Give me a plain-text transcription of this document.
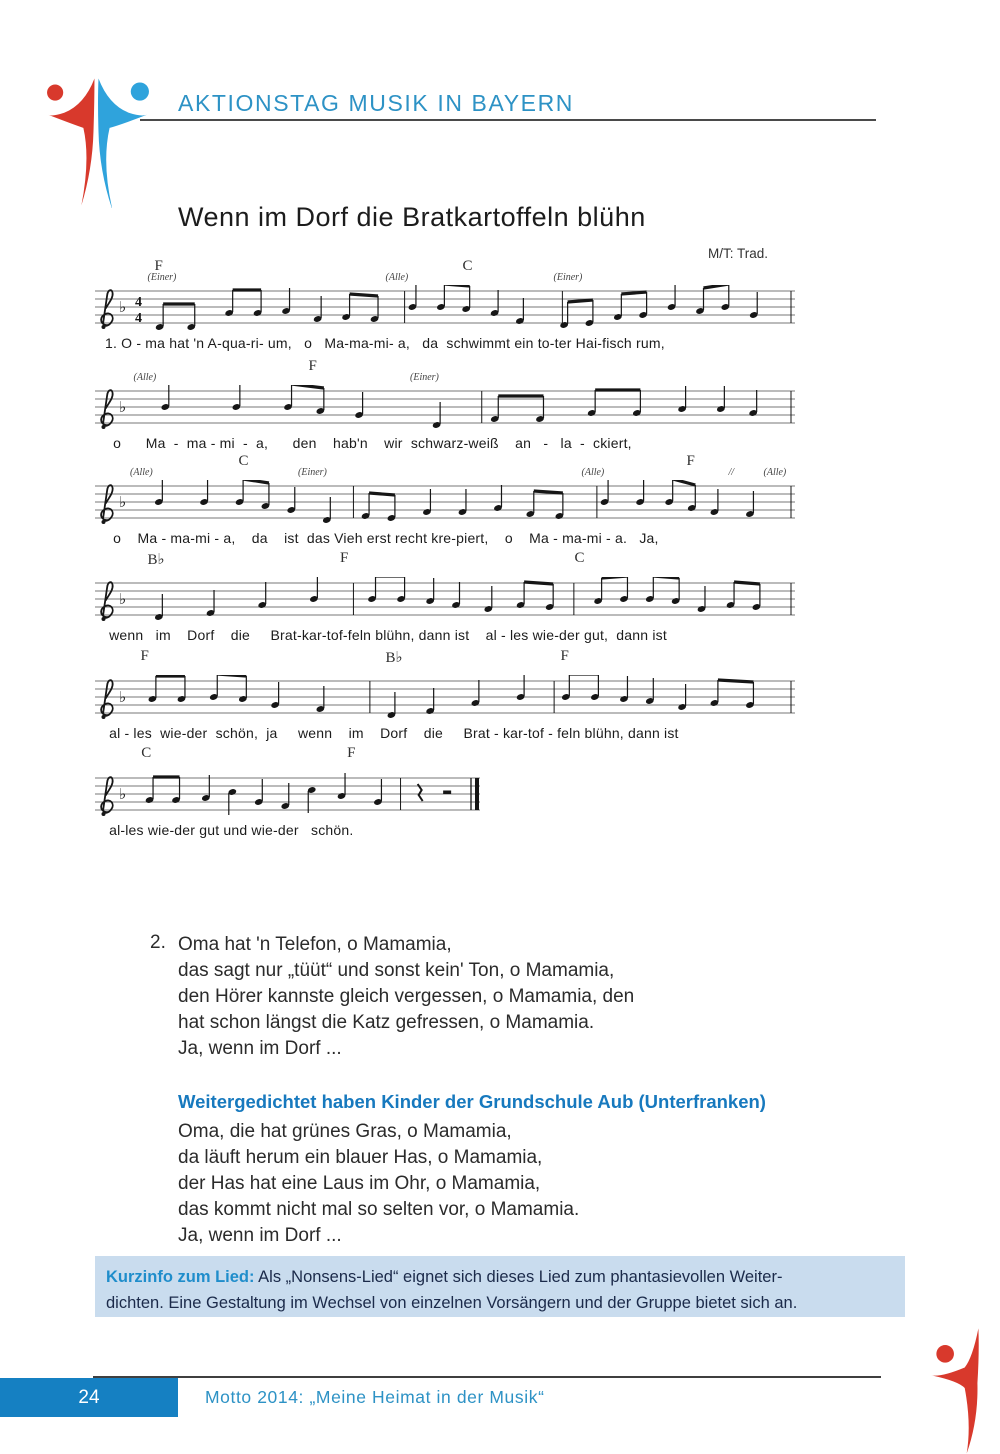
AKTIONSTAG MUSIK IN BAYERN
Wenn im Dorf die Bratkartoffeln blühn
M/T: Trad.
F	C
(Einer)	(Alle)	(Einer)
♭ 4
4
1. O - ma hat 'n A-qua-ri- um,   o   Ma-ma-mi- a,   da  schwimmt ein to-ter Hai-fisch rum,
F
(Alle)	(Einer)
♭
o      Ma  -  ma - mi  -  a,      den    hab'n    wir  schwarz-weiß    an   -   la  -  ckiert,
C	F
(Alle)	(Einer)	(Alle)	//	(Alle)
♭
o    Ma - ma-mi - a,    da    ist  das Vieh erst recht kre-piert,    o    Ma - ma-mi - a.   Ja,
B♭	F	C
♭
wenn   im    Dorf    die     Brat-kar-tof-feln blühn, dann ist    al - les wie-der gut,  dann ist
F	B♭	F
♭
al - les  wie-der  schön,  ja     wenn    im    Dorf    die     Brat - kar-tof - feln blühn, dann ist
C	F
♭
al-les wie-der gut und wie-der   schön.
2. Oma hat 'n Telefon, o Mamamia,
das sagt nur „tüüt“ und sonst kein' Ton, o Mamamia,
den Hörer kannste gleich vergessen, o Mamamia, den
hat schon längst die Katz gefressen, o Mamamia.
Ja, wenn im Dorf ...
Weitergedichtet haben Kinder der Grundschule Aub (Unterfranken)
Oma, die hat grünes Gras, o Mamamia,
da läuft herum ein blauer Has, o Mamamia,
der Has hat eine Laus im Ohr, o Mamamia,
das kommt nicht mal so selten vor, o Mamamia.
Ja, wenn im Dorf ...
Kurzinfo zum Lied: Als „Nonsens-Lied“ eignet sich dieses Lied zum phantasievollen Weiter-
dichten. Eine Gestaltung im Wechsel von einzelnen Vorsängern und der Gruppe bietet sich an.
24	Motto 2014: „Meine Heimat in der Musik“
